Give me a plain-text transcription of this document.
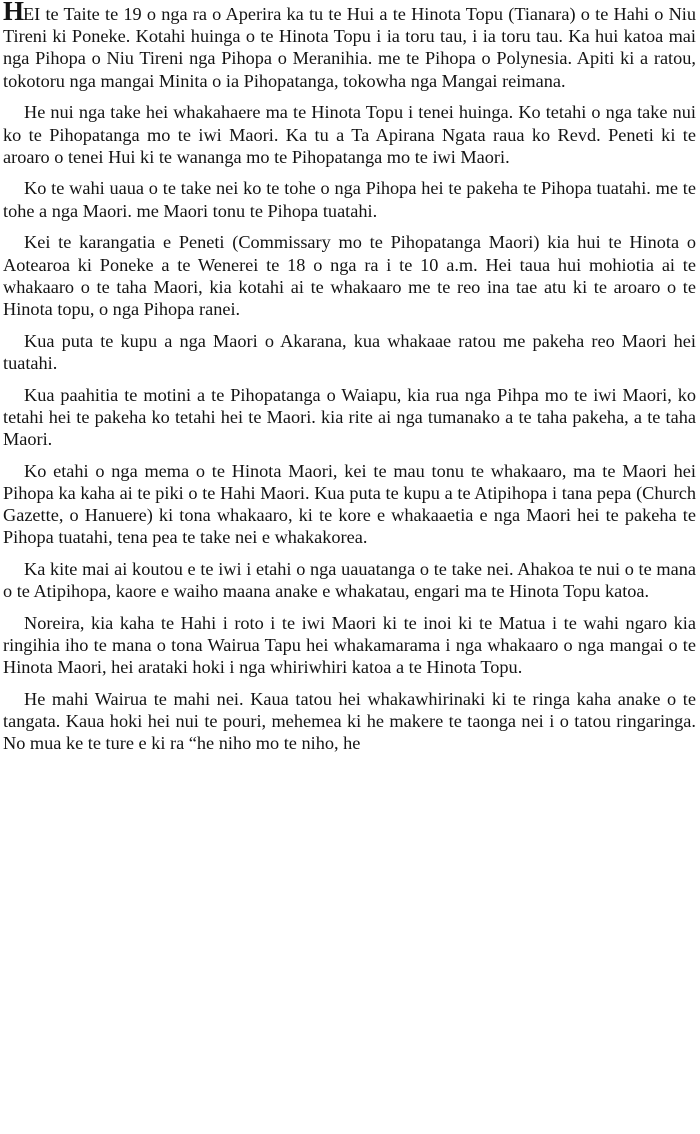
HEI te Taite te 19 o nga ra o Aperira ka tu te Hui a te Hinota Topu (Tianara) o te Hahi o Niu Tireni ki Poneke. Kotahi huinga o te Hinota Topu i ia toru tau, i ia toru tau. Ka hui katoa mai nga Pihopa o Niu Tireni nga Pihopa o Meranihia. me te Pihopa o Polynesia. Apiti ki a ratou, tokotoru nga mangai Minita o ia Pihopatanga, tokowha nga Mangai reimana.

He nui nga take hei whakahaere ma te Hinota Topu i tenei huinga. Ko tetahi o nga take nui ko te Pihopatanga mo te iwi Maori. Ka tu a Ta Apirana Ngata raua ko Revd. Peneti ki te aroaro o tenei Hui ki te wananga mo te Pihopatanga mo te iwi Maori.

Ko te wahi uaua o te take nei ko te tohe o nga Pihopa hei te pakeha te Pihopa tuatahi. me te tohe a nga Maori. me Maori tonu te Pihopa tuatahi.

Kei te karangatia e Peneti (Commissary mo te Pihopatanga Maori) kia hui te Hinota o Aotearoa ki Poneke a te Wenerei te 18 o nga ra i te 10 a.m. Hei taua hui mohiotia ai te whakaaro o te taha Maori, kia kotahi ai te whakaaro me te reo ina tae atu ki te aroaro o te Hinota topu, o nga Pihopa ranei.

Kua puta te kupu a nga Maori o Akarana, kua whakaae ratou me pakeha reo Maori hei tuatahi.

Kua paahitia te motini a te Pihopatanga o Waiapu, kia rua nga Pihpa mo te iwi Maori, ko tetahi hei te pakeha ko tetahi hei te Maori. kia rite ai nga tumanako a te taha pakeha, a te taha Maori.

Ko etahi o nga mema o te Hinota Maori, kei te mau tonu te whakaaro, ma te Maori hei Pihopa ka kaha ai te piki o te Hahi Maori. Kua puta te kupu a te Atipihopa i tana pepa (Church Gazette, o Hanuere) ki tona whakaaro, ki te kore e whakaaetia e nga Maori hei te pakeha te Pihopa tuatahi, tena pea te take nei e whakakorea.

Ka kite mai ai koutou e te iwi i etahi o nga uauatanga o te take nei. Ahakoa te nui o te mana o te Atipihopa, kaore e waiho maana anake e whakatau, engari ma te Hinota Topu katoa.

Noreira, kia kaha te Hahi i roto i te iwi Maori ki te inoi ki te Matua i te wahi ngaro kia ringihia iho te mana o tona Wairua Tapu hei whakamarama i nga whakaaro o nga mangai o te Hinota Maori, hei arataki hoki i nga whiriwhiri katoa a te Hinota Topu.

He mahi Wairua te mahi nei. Kaua tatou hei whakawhirinaki ki te ringa kaha anake o te tangata. Kaua hoki hei nui te pouri, mehemea ki he makere te taonga nei i o tatou ringaringa. No mua ke te ture e ki ra “he niho mo te niho, he
